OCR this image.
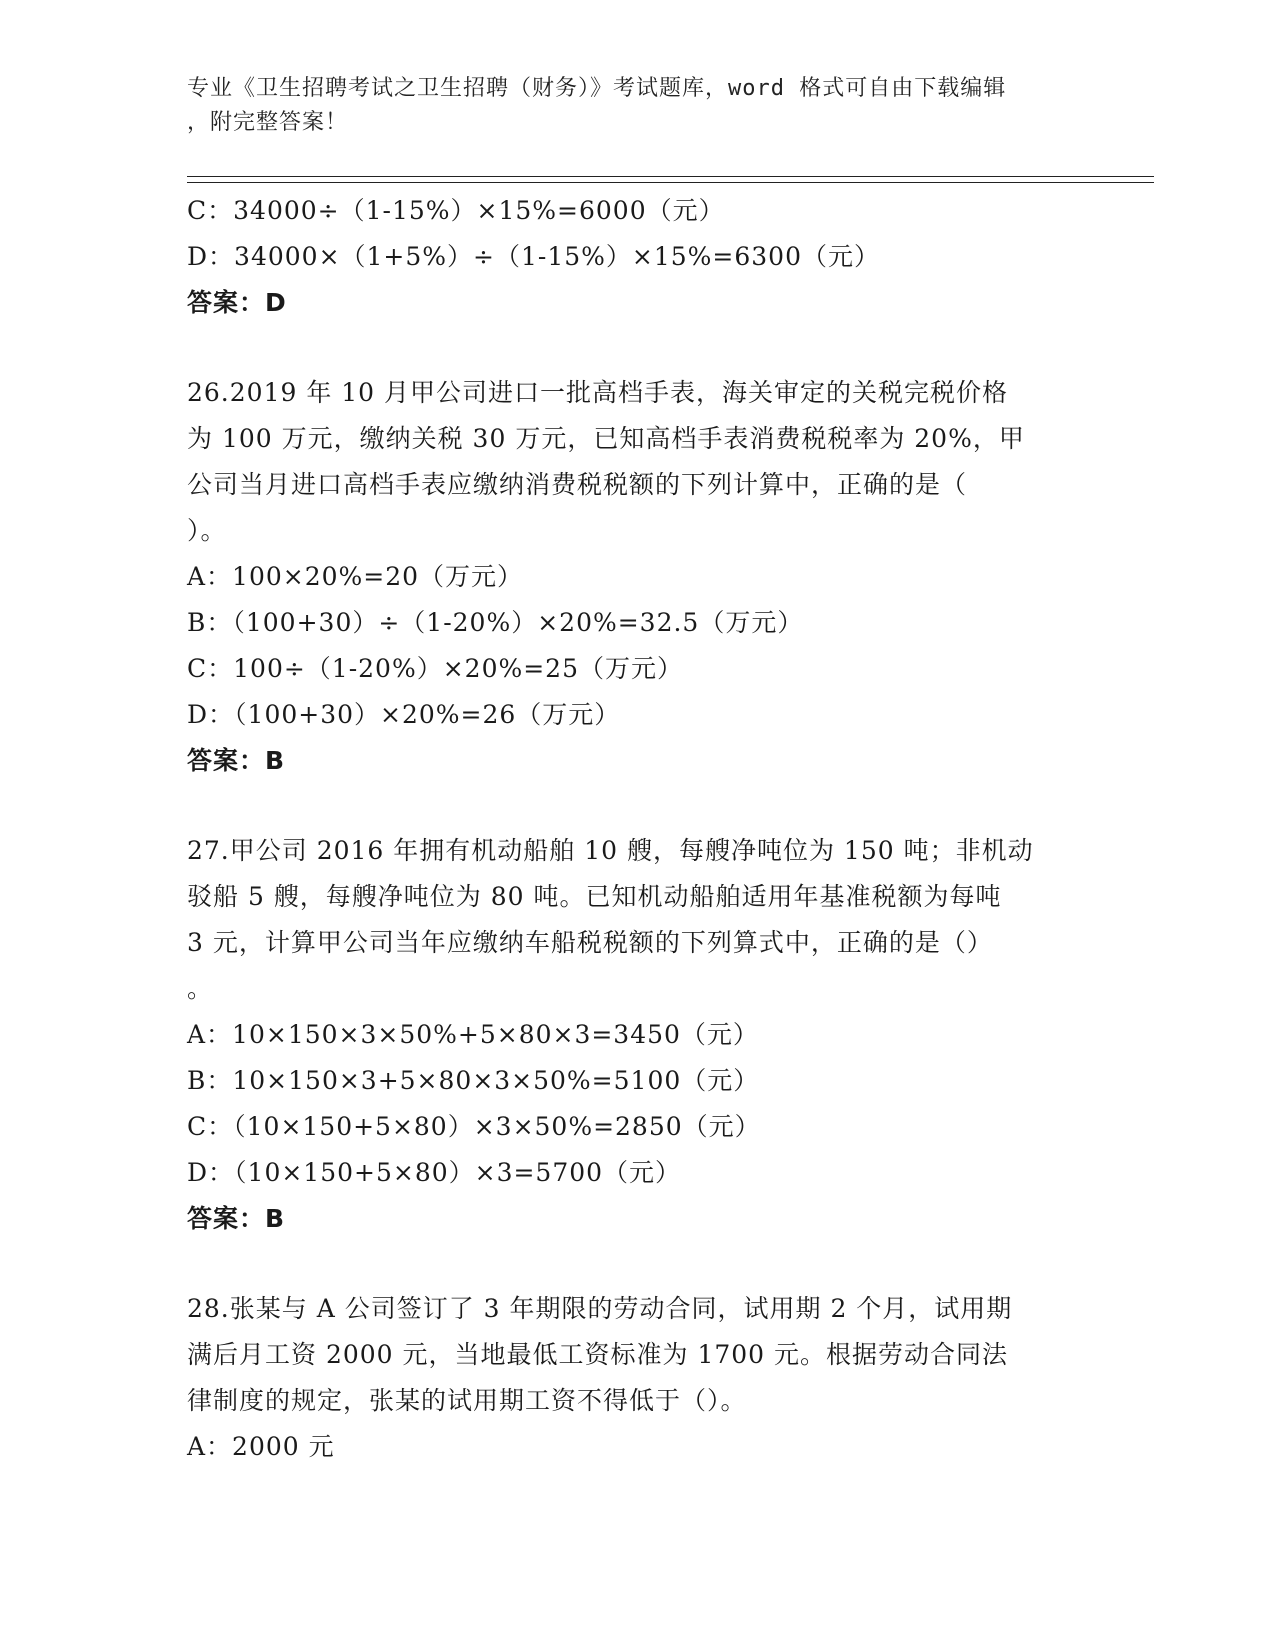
专业《卫生招聘考试之卫生招聘（财务）》考试题库，word 格式可自由下载编辑
，附完整答案！
C：34000÷（1-15%）×15%=6000（元）
D：34000×（1+5%）÷（1-15%）×15%=6300（元）
答案：D
26.2019 年 10 月甲公司进口一批高档手表，海关审定的关税完税价格
为 100 万元，缴纳关税 30 万元，已知高档手表消费税税率为 20%，甲
公司当月进口高档手表应缴纳消费税税额的下列计算中，正确的是（
）。
A：100×20%=20（万元）
B：（100+30）÷（1-20%）×20%=32.5（万元）
C：100÷（1-20%）×20%=25（万元）
D：（100+30）×20%=26（万元）
答案：B
27.甲公司 2016 年拥有机动船舶 10 艘，每艘净吨位为 150 吨；非机动
驳船 5 艘，每艘净吨位为 80 吨。已知机动船舶适用年基准税额为每吨
3 元，计算甲公司当年应缴纳车船税税额的下列算式中，正确的是（）
。
A：10×150×3×50%+5×80×3=3450（元）
B：10×150×3+5×80×3×50%=5100（元）
C：（10×150+5×80）×3×50%=2850（元）
D：（10×150+5×80）×3=5700（元）
答案：B
28.张某与 A 公司签订了 3 年期限的劳动合同，试用期 2 个月，试用期
满后月工资 2000 元，当地最低工资标准为 1700 元。根据劳动合同法
律制度的规定，张某的试用期工资不得低于（）。
A：2000 元
